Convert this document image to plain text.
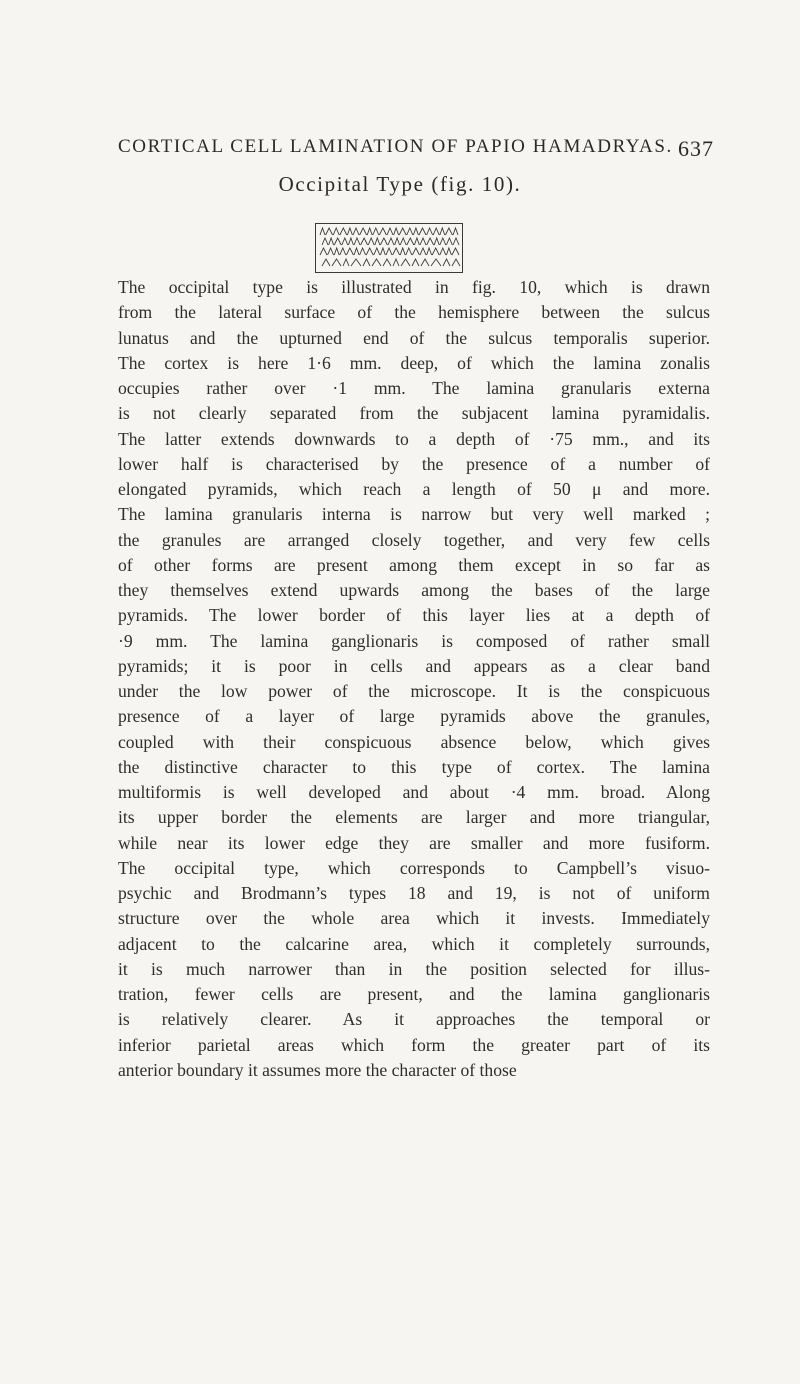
CORTICAL CELL LAMINATION OF PAPIO HAMADRYAS. 637
Occipital Type (fig. 10).
The occipital type is illustrated in fig. 10, which is drawn
from the lateral surface of the hemisphere between the sulcus
lunatus and the upturned end of the sulcus temporalis superior.
The cortex is here 1·6 mm. deep, of which the lamina zonalis
occupies rather over ·1 mm. The lamina granularis externa
is not clearly separated from the subjacent lamina pyramidalis.
The latter extends downwards to a depth of ·75 mm., and its
lower half is characterised by the presence of a number of
elongated pyramids, which reach a length of 50 μ and more.
The lamina granularis interna is narrow but very well marked ;
the granules are arranged closely together, and very few cells
of other forms are present among them except in so far as
they themselves extend upwards among the bases of the large
pyramids. The lower border of this layer lies at a depth of
·9 mm. The lamina ganglionaris is composed of rather small
pyramids; it is poor in cells and appears as a clear band
under the low power of the microscope. It is the conspicuous
presence of a layer of large pyramids above the granules,
coupled with their conspicuous absence below, which gives
the distinctive character to this type of cortex. The lamina
multiformis is well developed and about ·4 mm. broad. Along
its upper border the elements are larger and more triangular,
while near its lower edge they are smaller and more fusiform.
The occipital type, which corresponds to Campbell’s visuo-
psychic and Brodmann’s types 18 and 19, is not of uniform
structure over the whole area which it invests. Immediately
adjacent to the calcarine area, which it completely surrounds,
it is much narrower than in the position selected for illus-
tration, fewer cells are present, and the lamina ganglionaris
is relatively clearer. As it approaches the temporal or
inferior parietal areas which form the greater part of its
anterior boundary it assumes more the character of those
